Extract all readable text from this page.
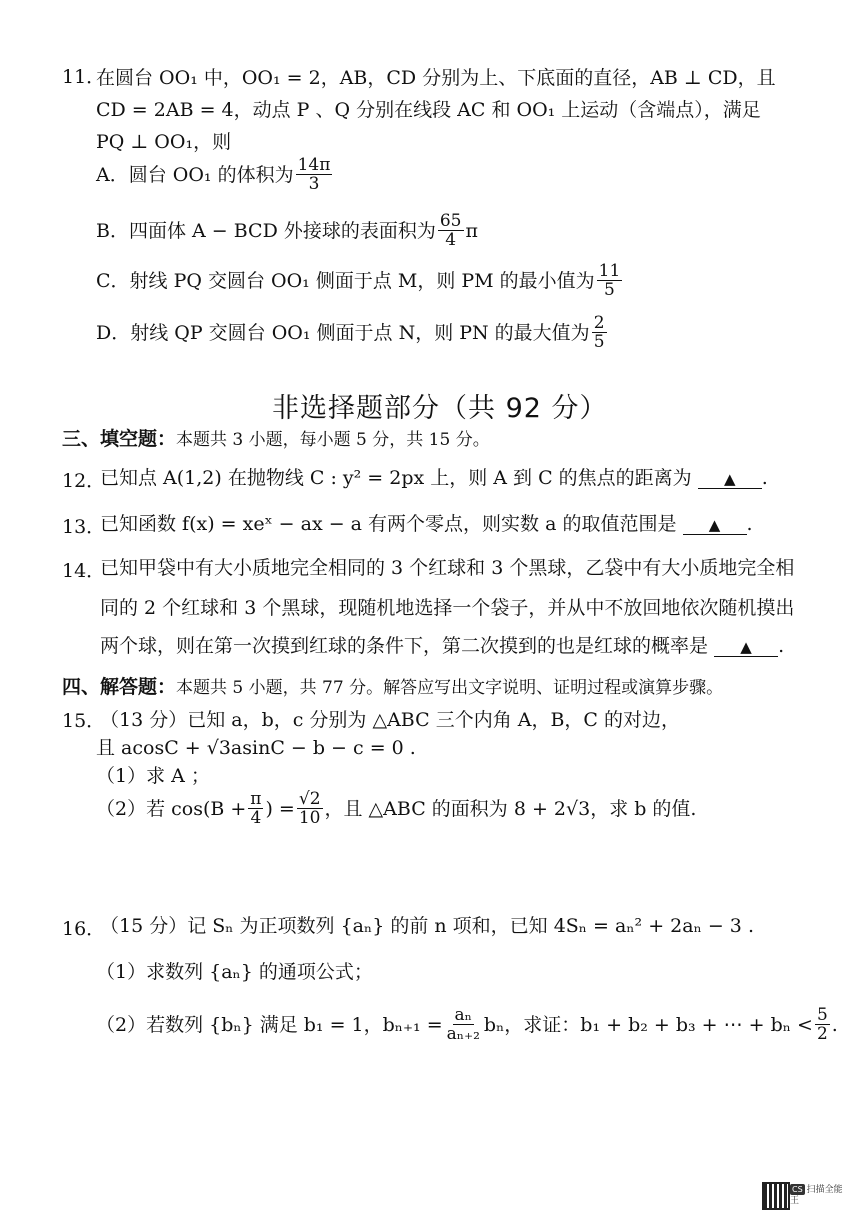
11．
在圆台 OO₁ 中，OO₁ = 2，AB，CD 分别为上、下底面的直径，AB ⊥ CD，且
CD = 2AB = 4，动点 P 、Q 分别在线段 AC 和 OO₁ 上运动（含端点），满足
PQ ⊥ OO₁，则
A．圆台 OO₁ 的体积为 $\frac{14\pi}{3}$
B．四面体 A − BCD 外接球的表面积为 $\frac{65}{4}$ π
C．射线 PQ 交圆台 OO₁ 侧面于点 M，则 PM 的最小值为 $\frac{11}{5}$
D．射线 QP 交圆台 OO₁ 侧面于点 N，则 PN 的最大值为 $\frac{2}{5}$
非选择题部分（共 92 分）
三、填空题：本题共 3 小题，每小题 5 分，共 15 分。
12．
已知点 A(1,2) 在抛物线 C : y² = 2px 上，则 A 到 C 的焦点的距离为 ▲ .
13．
已知函数 f(x) = xeˣ − ax − a 有两个零点，则实数 a 的取值范围是 ▲ .
14．
已知甲袋中有大小质地完全相同的 3 个红球和 3 个黑球，乙袋中有大小质地完全相
同的 2 个红球和 3 个黑球，现随机地选择一个袋子，并从中不放回地依次随机摸出
两个球，则在第一次摸到红球的条件下，第二次摸到的也是红球的概率是 ▲ .
四、解答题：本题共 5 小题，共 77 分。解答应写出文字说明、证明过程或演算步骤。
15．
（13 分）已知 a，b，c 分别为 △ABC 三个内角 A，B，C 的对边，
且 acosC + √3asinC − b − c = 0 .
（1）求 A ；
（2）若 $\cos(B + \frac{\pi}{4}$ ) = $\frac{√2}{10}$ ，且 △ABC 的面积为 8 + 2√3，求 b 的值.
16．
（15 分）记 Sₙ 为正项数列 {aₙ} 的前 n 项和，已知 4Sₙ = aₙ² + 2aₙ − 3 .
（1）求数列 {aₙ} 的通项公式；
（2）若数列 {bₙ} 满足 b₁ = 1，$b_{n+1} = \frac{\text{aₙ}}{\text{aₙ₊₂}}$ bₙ，求证：b₁ + b₂ + b₃ + ⋯ + $b_n < \frac{5}{2}$ .
CS 扫描全能王
